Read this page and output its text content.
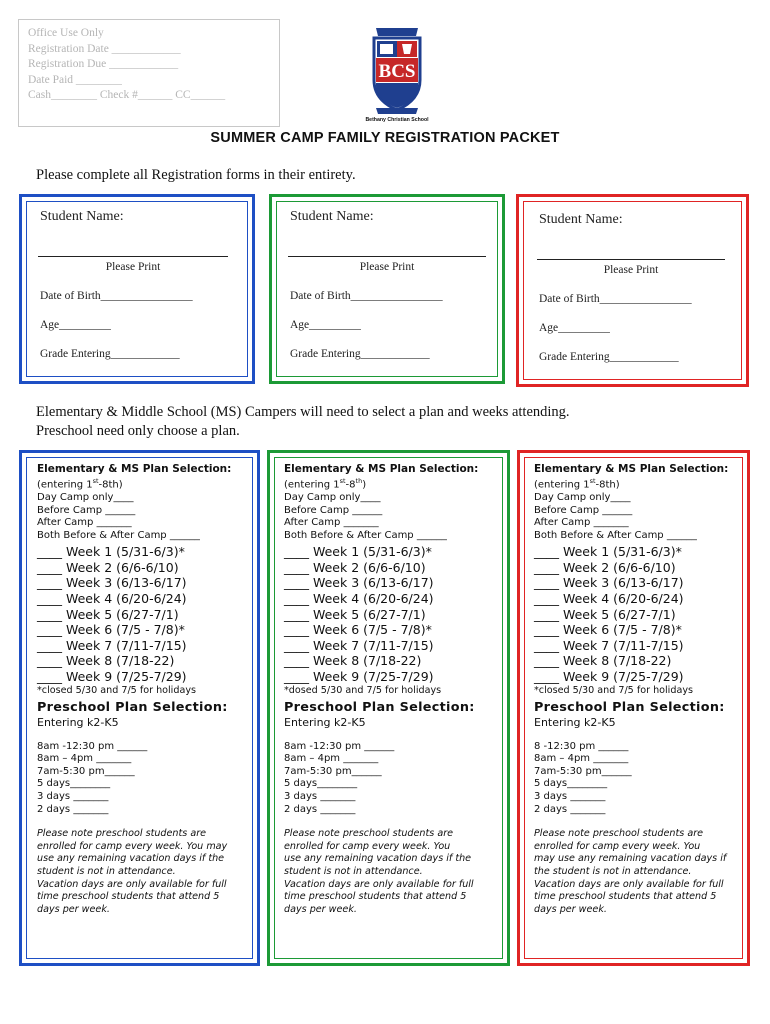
Office Use Only
Registration Date ____________
Registration Due ____________
Date Paid ________
Cash________ Check #______ CC______
BCS
Bethany Christian School
SUMMER CAMP FAMILY REGISTRATION PACKET
Please complete all Registration forms in their entirety.
Student Name:
Please Print
Date of Birth________________
Age_________
Grade Entering____________
Student Name:
Please Print
Date of Birth________________
Age_________
Grade Entering____________
Student Name:
Please Print
Date of Birth________________
Age_________
Grade Entering____________
Elementary & Middle School (MS) Campers will need to select a plan and weeks attending.
Preschool need only choose a plan.
Elementary & MS Plan Selection:
(entering 1st-8th)
Day Camp only____
Before Camp ______
After Camp _______
Both Before & After Camp ______
____ Week 1 (5/31-6/3)*
____ Week 2 (6/6-6/10)
____ Week 3 (6/13-6/17)
____ Week 4 (6/20-6/24)
____ Week 5 (6/27-7/1)
____ Week 6 (7/5 - 7/8)*
____ Week 7 (7/11-7/15)
____ Week 8 (7/18-22)
____ Week 9 (7/25-7/29)
*closed 5/30 and 7/5 for holidays
Preschool Plan Selection:
Entering k2-K5
8am -12:30 pm ______
8am – 4pm _______
7am-5:30 pm______
5 days________
3 days _______
2 days _______
Please note preschool students are
enrolled for camp every week. You may
use any remaining vacation days if the
student is not in attendance.
Vacation days are only available for full
time preschool students that attend 5
days per week.
Elementary & MS Plan Selection:
(entering 1st-8th)
Day Camp only____
Before Camp ______
After Camp _______
Both Before & After Camp ______
____ Week 1 (5/31-6/3)*
____ Week 2 (6/6-6/10)
____ Week 3 (6/13-6/17)
____ Week 4 (6/20-6/24)
____ Week 5 (6/27-7/1)
____ Week 6 (7/5 - 7/8)*
____ Week 7 (7/11-7/15)
____ Week 8 (7/18-22)
____ Week 9 (7/25-7/29)
*dosed 5/30 and 7/5 for holidays
Preschool Plan Selection:
Entering k2-K5
8am -12:30 pm ______
8am – 4pm _______
7am-5:30 pm______
5 days________
3 days _______
2 days _______
Please note preschool students are
enrolled for camp every week. You
use any remaining vacation days if the
student is not in attendance.
Vacation days are only available for full
time preschool students that attend 5
days per week.
Elementary & MS Plan Selection:
(entering 1st-8th)
Day Camp only____
Before Camp ______
After Camp _______
Both Before & After Camp ______
____ Week 1 (5/31-6/3)*
____ Week 2 (6/6-6/10)
____ Week 3 (6/13-6/17)
____ Week 4 (6/20-6/24)
____ Week 5 (6/27-7/1)
____ Week 6 (7/5 - 7/8)*
____ Week 7 (7/11-7/15)
____ Week 8 (7/18-22)
____ Week 9 (7/25-7/29)
*closed 5/30 and 7/5 for holidays
Preschool Plan Selection:
Entering k2-K5
8 -12:30 pm ______
8am – 4pm _______
7am-5:30 pm______
5 days________
3 days _______
2 days _______
Please note preschool students are
enrolled for camp every week. You
may use any remaining vacation days if
the student is not in attendance.
Vacation days are only available for full
time preschool students that attend 5
days per week.
